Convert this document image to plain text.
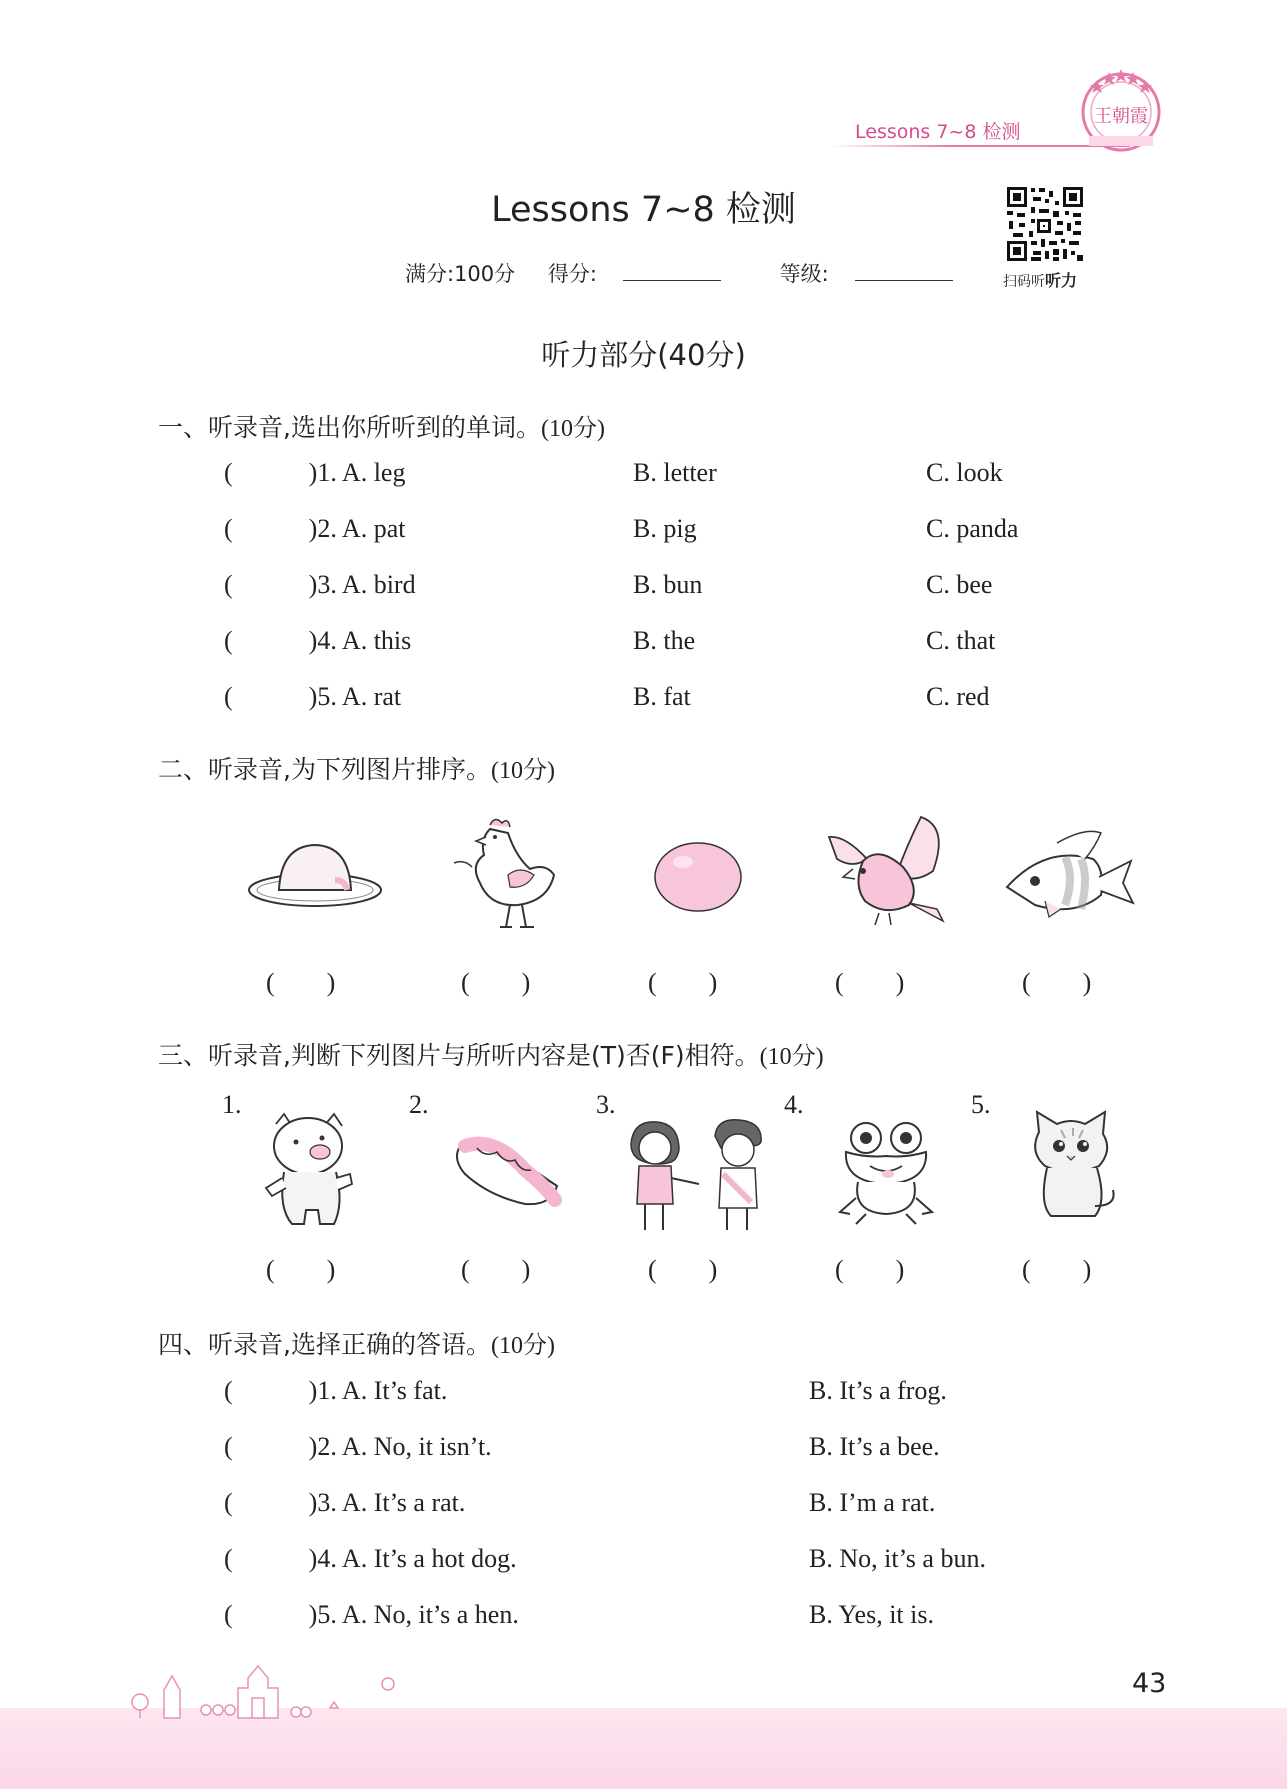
Lessons 7~8 检测
王朝霞
Lessons 7~8 检测
满分:100分 得分:	等级:	扫码听听力
听力部分(40分)
一、听录音,选出你所听到的单词。(10分)
(	)1. A. leg	B. letter	C. look
(	)2. A. pat	B. pig	C. panda
(	)3. A. bird	B. bun	C. bee
(	)4. A. this	B. the	C. that
(	)5. A. rat	B. fat	C. red
二、听录音,为下列图片排序。(10分)
(        )	(        )	(        )	(        )	(        )
三、听录音,判断下列图片与所听内容是(T)否(F)相符。(10分)
1.	2.	3.	4.	5.
(        )	(        )	(        )	(        )	(        )
四、听录音,选择正确的答语。(10分)
(	)1. A. It’s fat.	B. It’s a frog.
(	)2. A. No, it isn’t.	B. It’s a bee.
(	)3. A. It’s a rat.	B. I’m a rat.
(	)4. A. It’s a hot dog.	B. No, it’s a bun.
(	)5. A. No, it’s a hen.	B. Yes, it is.
43
